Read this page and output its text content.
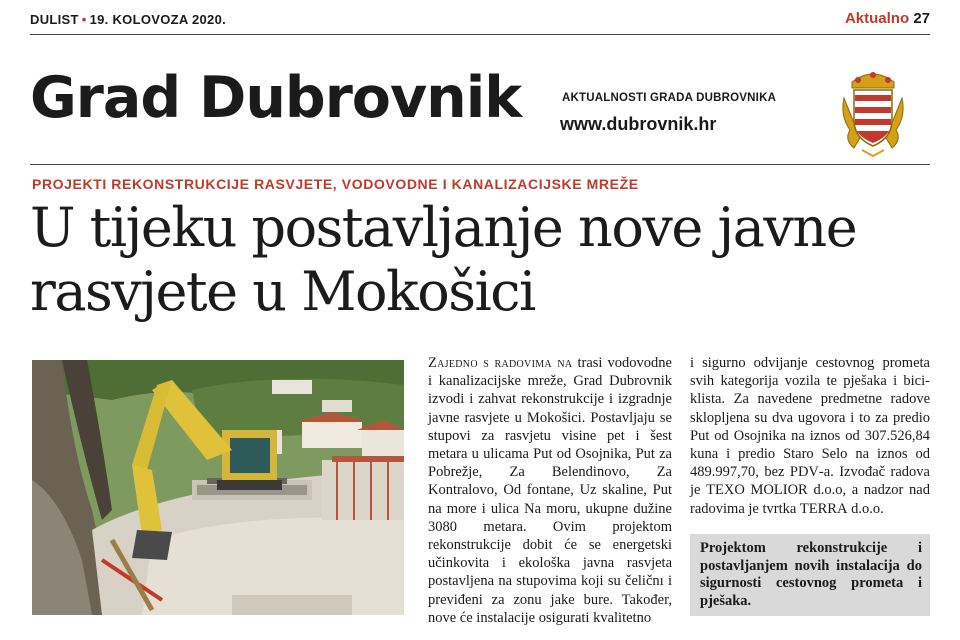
DULIST • 19. KOLOVOZA 2020.	Aktualno 27
Grad Dubrovnik	AKTUALNOSTI GRADA DUBROVNIKA
www.dubrovnik.hr
PROJEKTI REKONSTRUKCIJE RASVJETE, VODOVODNE I KANALIZACIJSKE MREŽE
U tijeku postavljanje nove javne rasvjete u Mokošici
Zajedno s radovima na trasi vodovodne i kanalizacijske mreže, Grad Dubrovnik izvodi i zahvat rekonstrukcije i izgradnje javne rasvjete u Mokošici. Postavljaju se stupovi za rasvjetu visine pet i šest metara u ulicama Put od Osojnika, Put za Pobrežje, Za Belendinovo, Za Kontralovo, Od fontane, Uz skaline, Put na more i ulica Na moru, ukupne dužine 3080 metara. Ovim projektom rekonstrukcije dobit će se energetski učinkovita i ekološka javna rasvjeta postavljena na stupovima koji su čeličnı i previđeni za zonu jake bure. Također, nove će instalacije osigurati kvalitetno
i sigurno odvijanje cestovnog prometa svih kategorija vozila te pješaka i biciklista. Za navedene predmetne radove sklopljena su dva ugovora i to za predio Put od Osojnika na iznos od 307.526,84 kuna i predio Staro Selo na iznos od 489.997,70, bez PDV-a. Izvođač radova je TEXO MOLIOR d.o.o, a nadzor nad radovima je tvrtka TERRA d.o.o.
Projektom rekonstrukcije i postavljanjem novih instalacija do sigurnosti cestovnog prometa i pješaka.
